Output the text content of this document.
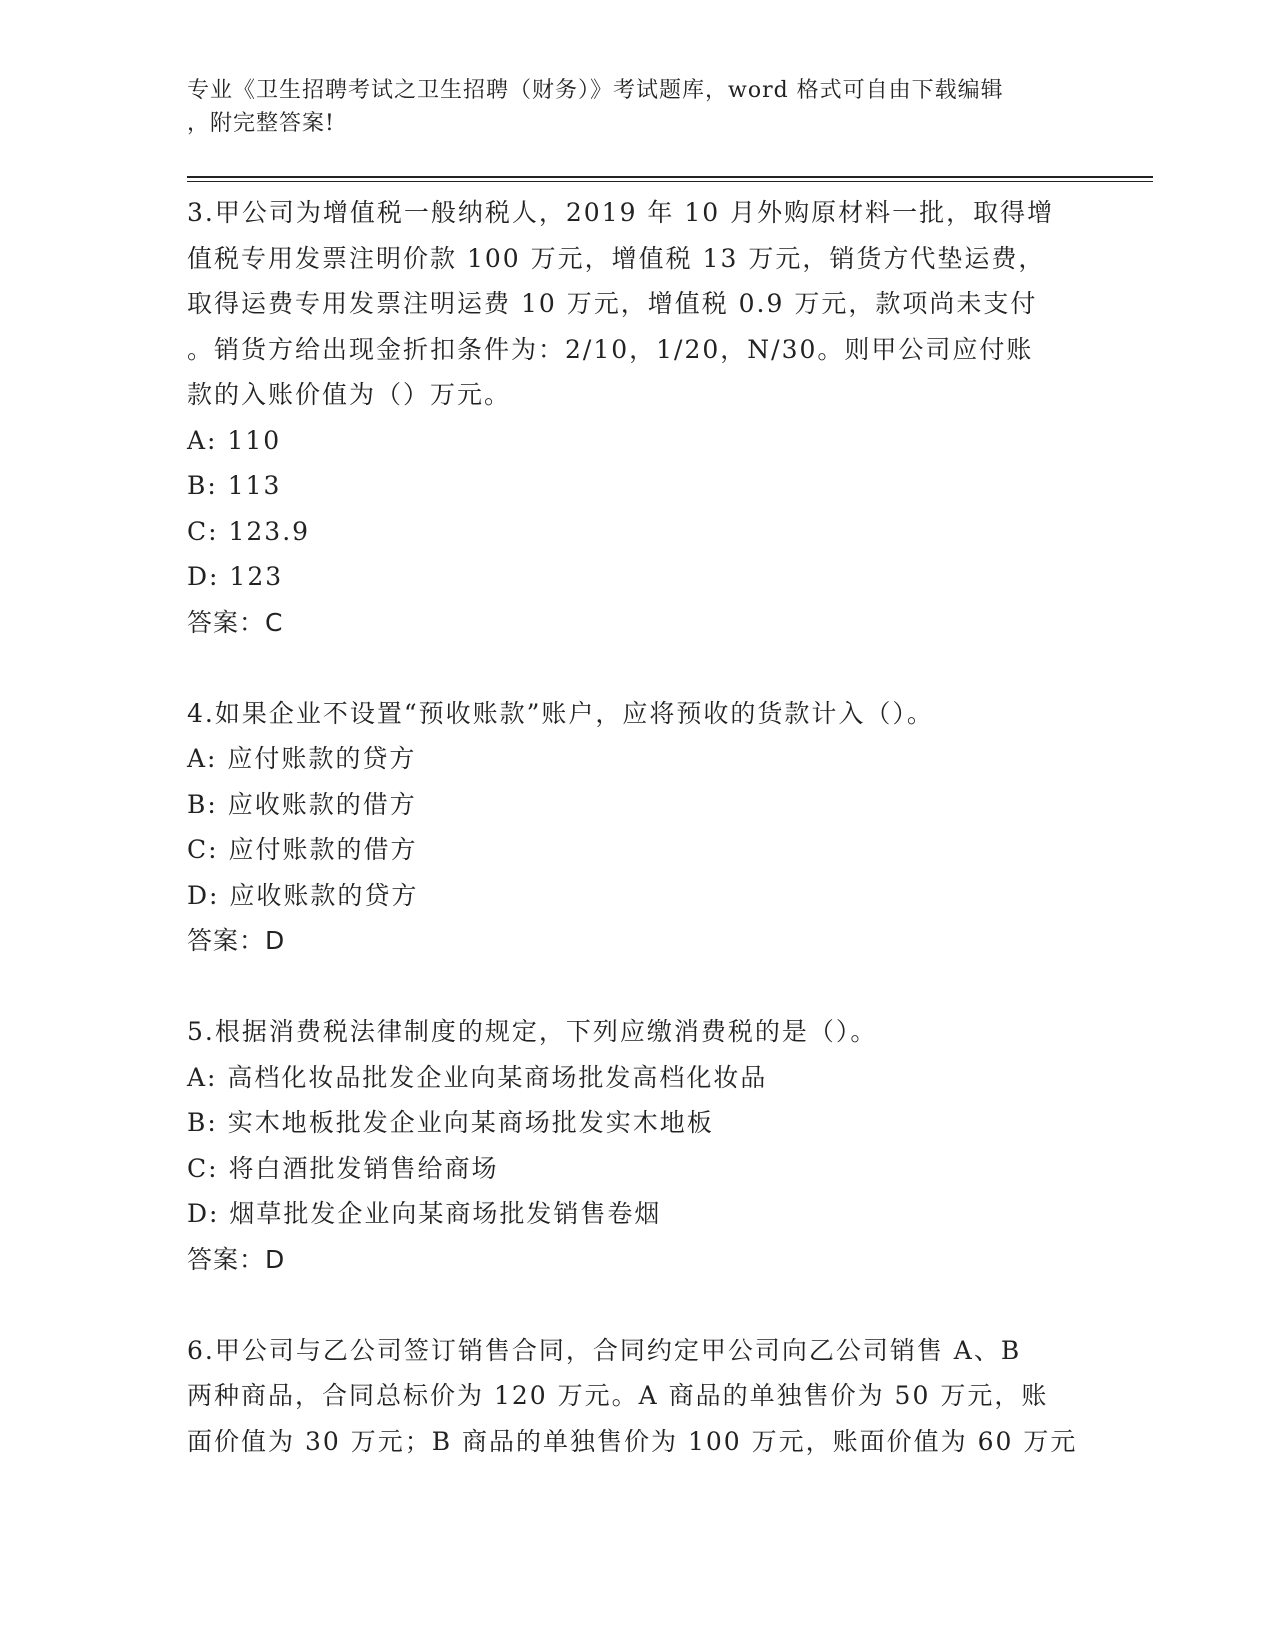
专业《卫生招聘考试之卫生招聘（财务）》考试题库，word 格式可自由下载编辑
，附完整答案!
3.甲公司为增值税一般纳税人，2019 年 10 月外购原材料一批，取得增
值税专用发票注明价款 100 万元，增值税 13 万元，销货方代垫运费，
取得运费专用发票注明运费 10 万元，增值税 0.9 万元，款项尚未支付
。销货方给出现金折扣条件为：2/10，1/20，N/30。则甲公司应付账
款的入账价值为（）万元。
A: 110
B: 113
C: 123.9
D: 123
答案：C
4.如果企业不设置“预收账款”账户，应将预收的货款计入（）。
A: 应付账款的贷方
B: 应收账款的借方
C: 应付账款的借方
D: 应收账款的贷方
答案：D
5.根据消费税法律制度的规定，下列应缴消费税的是（）。
A: 高档化妆品批发企业向某商场批发高档化妆品
B: 实木地板批发企业向某商场批发实木地板
C: 将白酒批发销售给商场
D: 烟草批发企业向某商场批发销售卷烟
答案：D
6.甲公司与乙公司签订销售合同，合同约定甲公司向乙公司销售 A、B
两种商品，合同总标价为 120 万元。A 商品的单独售价为 50 万元，账
面价值为 30 万元；B 商品的单独售价为 100 万元，账面价值为 60 万元
